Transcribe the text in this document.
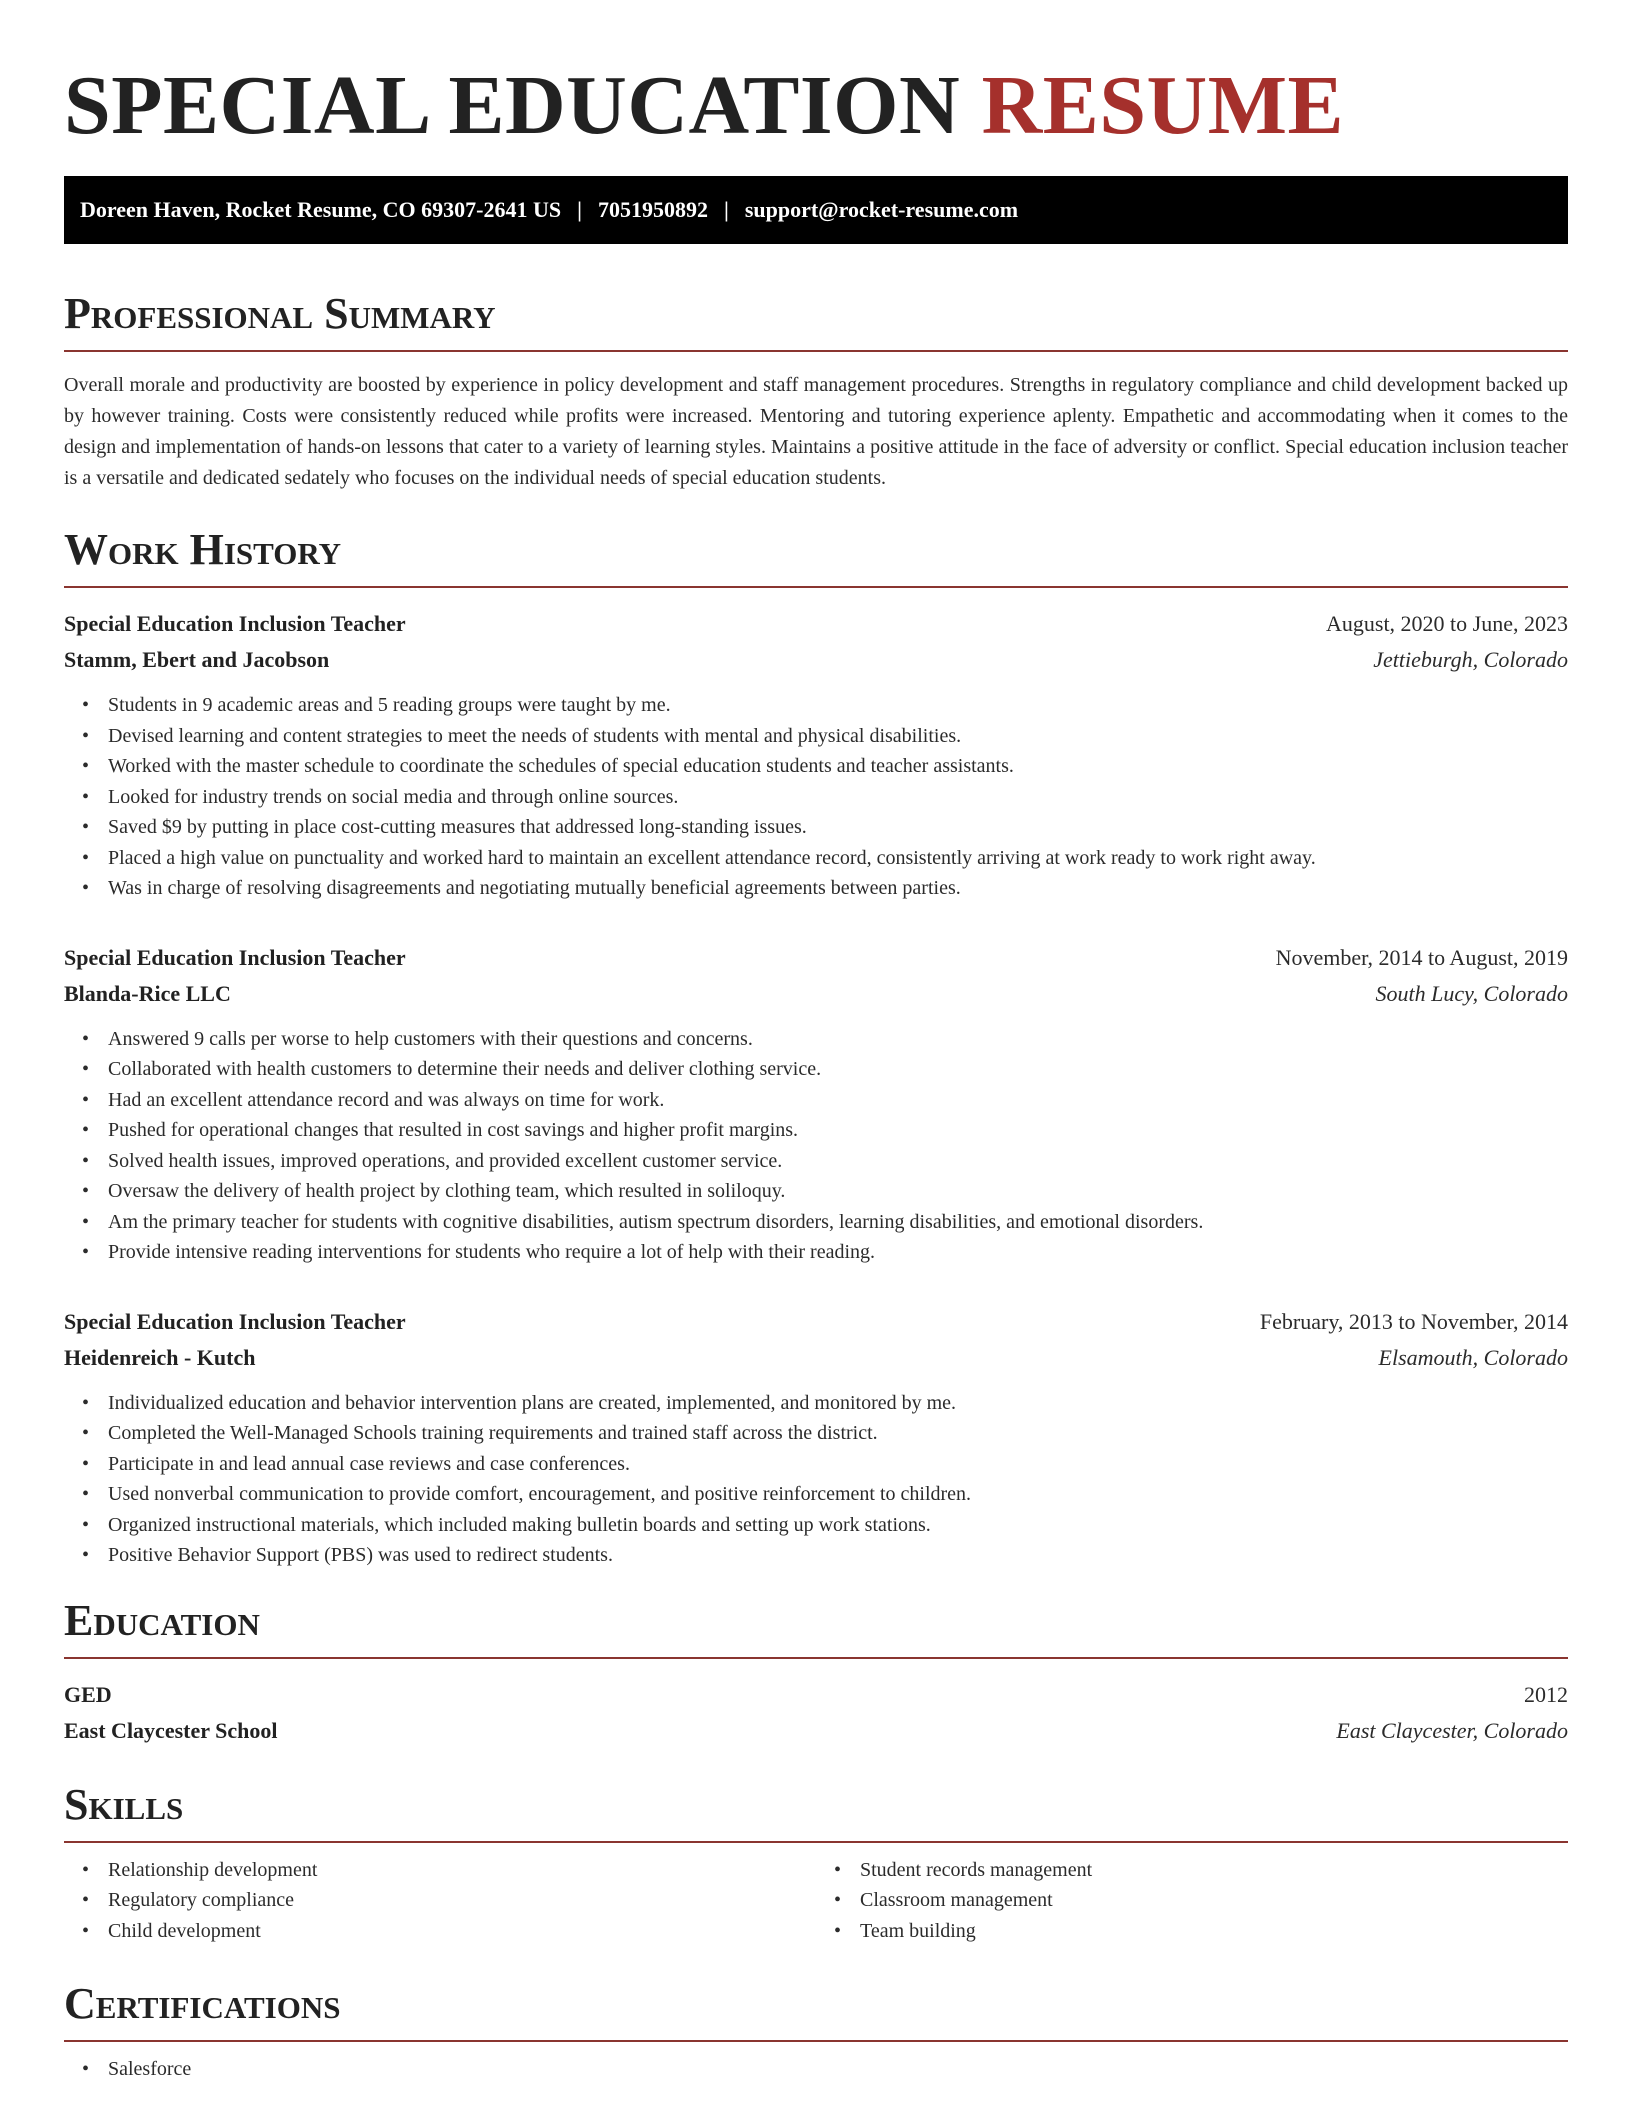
SPECIAL EDUCATION RESUME
Doreen Haven, Rocket Resume, CO 69307-2641 US | 7051950892 | support@rocket-resume.com
Professional Summary

Overall morale and productivity are boosted by experience in policy development and staff management procedures. Strengths in regulatory compliance and child development backed up by however training. Costs were consistently reduced while profits were increased. Mentoring and tutoring experience aplenty. Empathetic and accommodating when it comes to the design and implementation of hands-on lessons that cater to a variety of learning styles. Maintains a positive attitude in the face of adversity or conflict. Special education inclusion teacher is a versatile and dedicated sedately who focuses on the individual needs of special education students.

Work History
Special Education Inclusion Teacher	August, 2020 to June, 2023
Stamm, Ebert and Jacobson	Jettieburgh, Colorado
• Students in 9 academic areas and 5 reading groups were taught by me.
• Devised learning and content strategies to meet the needs of students with mental and physical disabilities.
• Worked with the master schedule to coordinate the schedules of special education students and teacher assistants.
• Looked for industry trends on social media and through online sources.
• Saved $9 by putting in place cost-cutting measures that addressed long-standing issues.
• Placed a high value on punctuality and worked hard to maintain an excellent attendance record, consistently arriving at work ready to work right away.
• Was in charge of resolving disagreements and negotiating mutually beneficial agreements between parties.
Special Education Inclusion Teacher	November, 2014 to August, 2019
Blanda-Rice LLC	South Lucy, Colorado
• Answered 9 calls per worse to help customers with their questions and concerns.
• Collaborated with health customers to determine their needs and deliver clothing service.
• Had an excellent attendance record and was always on time for work.
• Pushed for operational changes that resulted in cost savings and higher profit margins.
• Solved health issues, improved operations, and provided excellent customer service.
• Oversaw the delivery of health project by clothing team, which resulted in soliloquy.
• Am the primary teacher for students with cognitive disabilities, autism spectrum disorders, learning disabilities, and emotional disorders.
• Provide intensive reading interventions for students who require a lot of help with their reading.
Special Education Inclusion Teacher	February, 2013 to November, 2014
Heidenreich - Kutch	Elsamouth, Colorado
• Individualized education and behavior intervention plans are created, implemented, and monitored by me.
• Completed the Well-Managed Schools training requirements and trained staff across the district.
• Participate in and lead annual case reviews and case conferences.
• Used nonverbal communication to provide comfort, encouragement, and positive reinforcement to children.
• Organized instructional materials, which included making bulletin boards and setting up work stations.
• Positive Behavior Support (PBS) was used to redirect students.
Education
GED	2012
East Claycester School	East Claycester, Colorado
Skills
• Relationship development
• Regulatory compliance
• Child development
• Student records management
• Classroom management
• Team building
Certifications
• Salesforce
